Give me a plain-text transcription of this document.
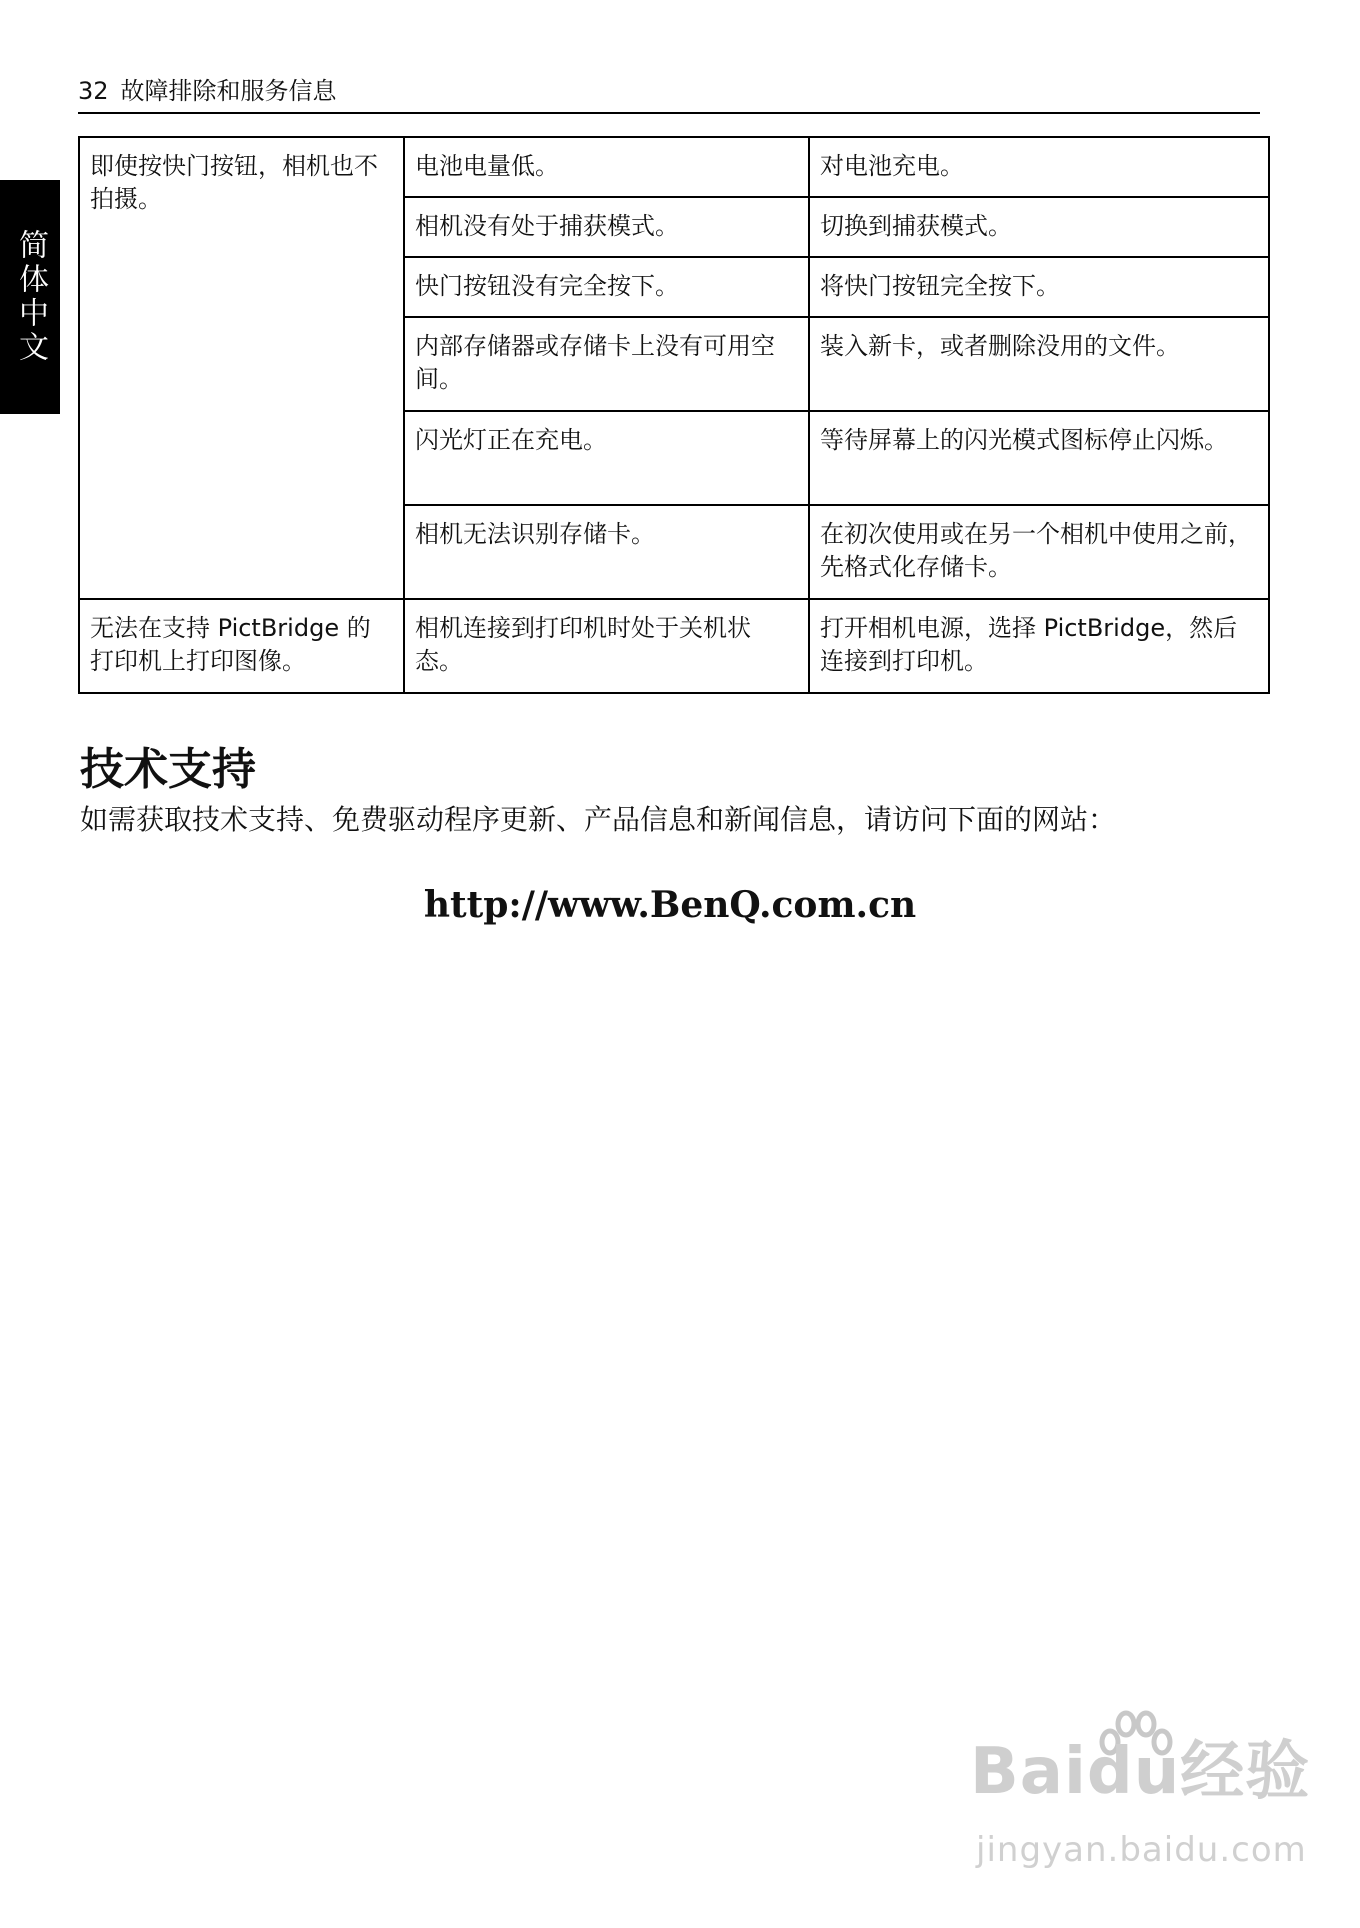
32 故障排除和服务信息
简体中文
即使按快门按钮，相机也不拍摄。	电池电量低。	对电池充电。
	相机没有处于捕获模式。	切换到捕获模式。
	快门按钮没有完全按下。	将快门按钮完全按下。
	内部存储器或存储卡上没有可用空间。	装入新卡，或者删除没用的文件。
	闪光灯正在充电。	等待屏幕上的闪光模式图标停止闪烁。
	相机无法识别存储卡。	在初次使用或在另一个相机中使用之前，先格式化存储卡。
无法在支持 PictBridge 的打印机上打印图像。	相机连接到打印机时处于关机状态。	打开相机电源，选择 PictBridge，然后连接到打印机。
技术支持
如需获取技术支持、免费驱动程序更新、产品信息和新闻信息，请访问下面的网站：
http://www.BenQ.com.cn
Baidu经验
jingyan.baidu.com
